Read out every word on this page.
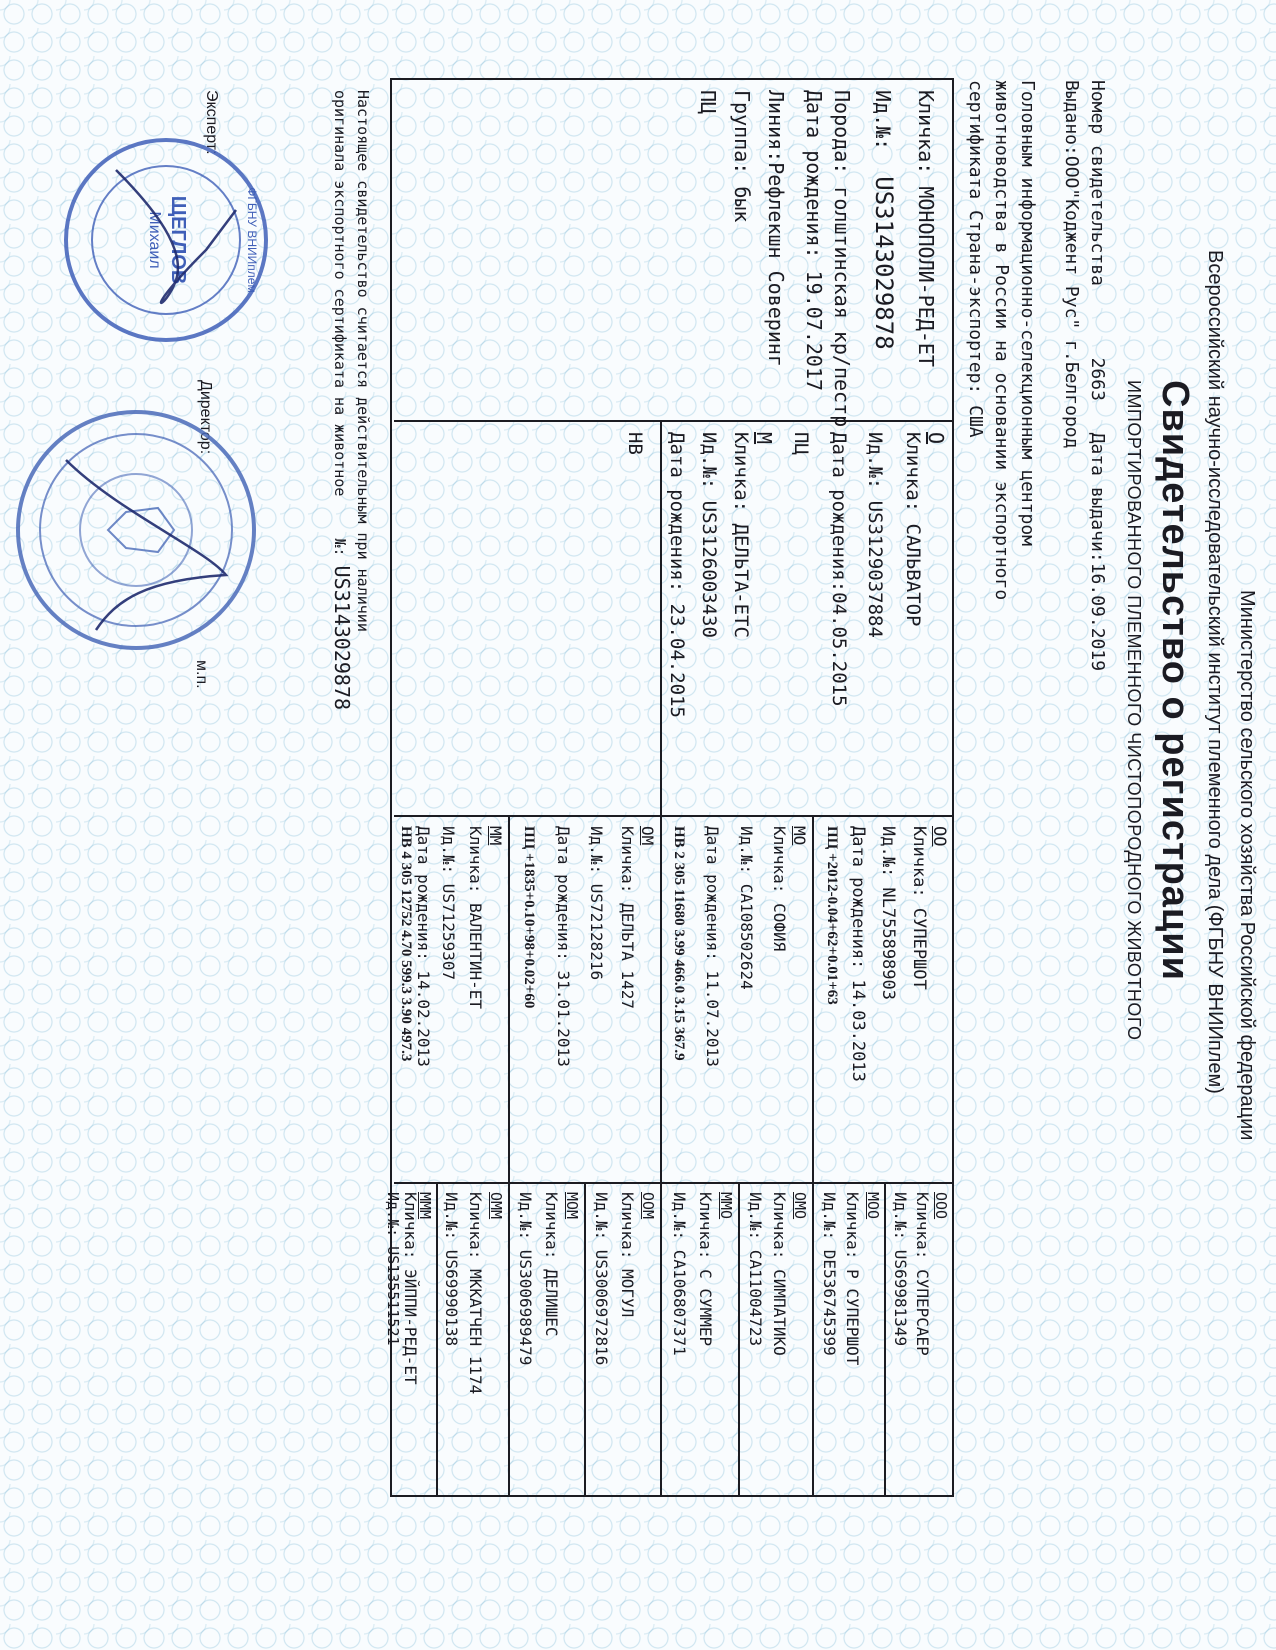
Министерство сельского хозяйства Российской федерации
Всероссийский научно-исследовательский институт племенного дела (ФГБНУ ВНИИплем)
Свидетельство о регистрации
ИМПОРТИРОВАННОГО ПЛЕМЕННОГО ЧИСТОПОРОДНОГО ЖИВОТНОГО
Номер свидетельства  2663  Дата выдачи:16.09.2019
Выдано:ООО"Коджент Рус" г.Белгород
Головным информационно-селекционным центром
животноводства в России на основании экспортного
сертификата Страна-экспортер: США
Кличка: МОНОПОЛИ-РЕД-ЕТ
Ид.№: US3143029878
Порода: голштинская кр/пестр
Дата рождения: 19.07.2017
Линия:Рефлекшн Соверинг
Группа: бык
ПЦ
О
Кличка: САЛЬВАТОР
Ид.№: US3129037884
Дата рождения:04.05.2015
ПЦ
М
Кличка: ДЕЛЬТА-ЕТС
Ид.№: US3126003430
Дата рождения: 23.04.2015
НВ
ОО
Кличка: СУПЕРШОТ
Ид.№: NL755898903
Дата рождения: 14.03.2013
ПЦ +2012-0.04+62+0.01+63
МО
Кличка: СОФИЯ
Ид.№: CA108502624
Дата рождения: 11.07.2013
НВ 2 305 11680 3.99 466.0 3.15 367.9
ОМ
Кличка: ДЕЛЬТА 1427
Ид.№: US72128216
Дата рождения: 31.01.2013
ПЦ +1835+0.10+98+0.02+60
ММ
Кличка: ВАЛЕНТИН-ЕТ
Ид.№: US71259307
Дата рождения: 14.02.2013
НВ 4 305 12752 4.70 599.3 3.90 497.3
ООО
Кличка: СУПЕРСАЕР
Ид.№: US69981349
МОО
Кличка: Р СУПЕРШОТ
Ид.№: DE536745399
ОМО
Кличка: СИМПАТИКО
Ид.№: CA11004723
ММО
Кличка: С СУММЕР
Ид.№: CA106807371
ООМ
Кличка: МОГУЛ
Ид.№: US3006972816
МОМ
Кличка: ДЕЛИШЕС
Ид.№: US3006989479
ОММ
Кличка: МККАТЧЕН 1174
Ид.№: US69990138
МММ
Кличка: ЭЙППИ-РЕД-ЕТ
Ид.№: US135511521
Настоящее свидетельство считается действительным при наличии
оригинала экспортного сертификата на животное  №: US3143029878
Эксперт:
Директор:
м.п.
ФГБНУ ВНИИплем
ЩЕГЛОВ
Михаил
